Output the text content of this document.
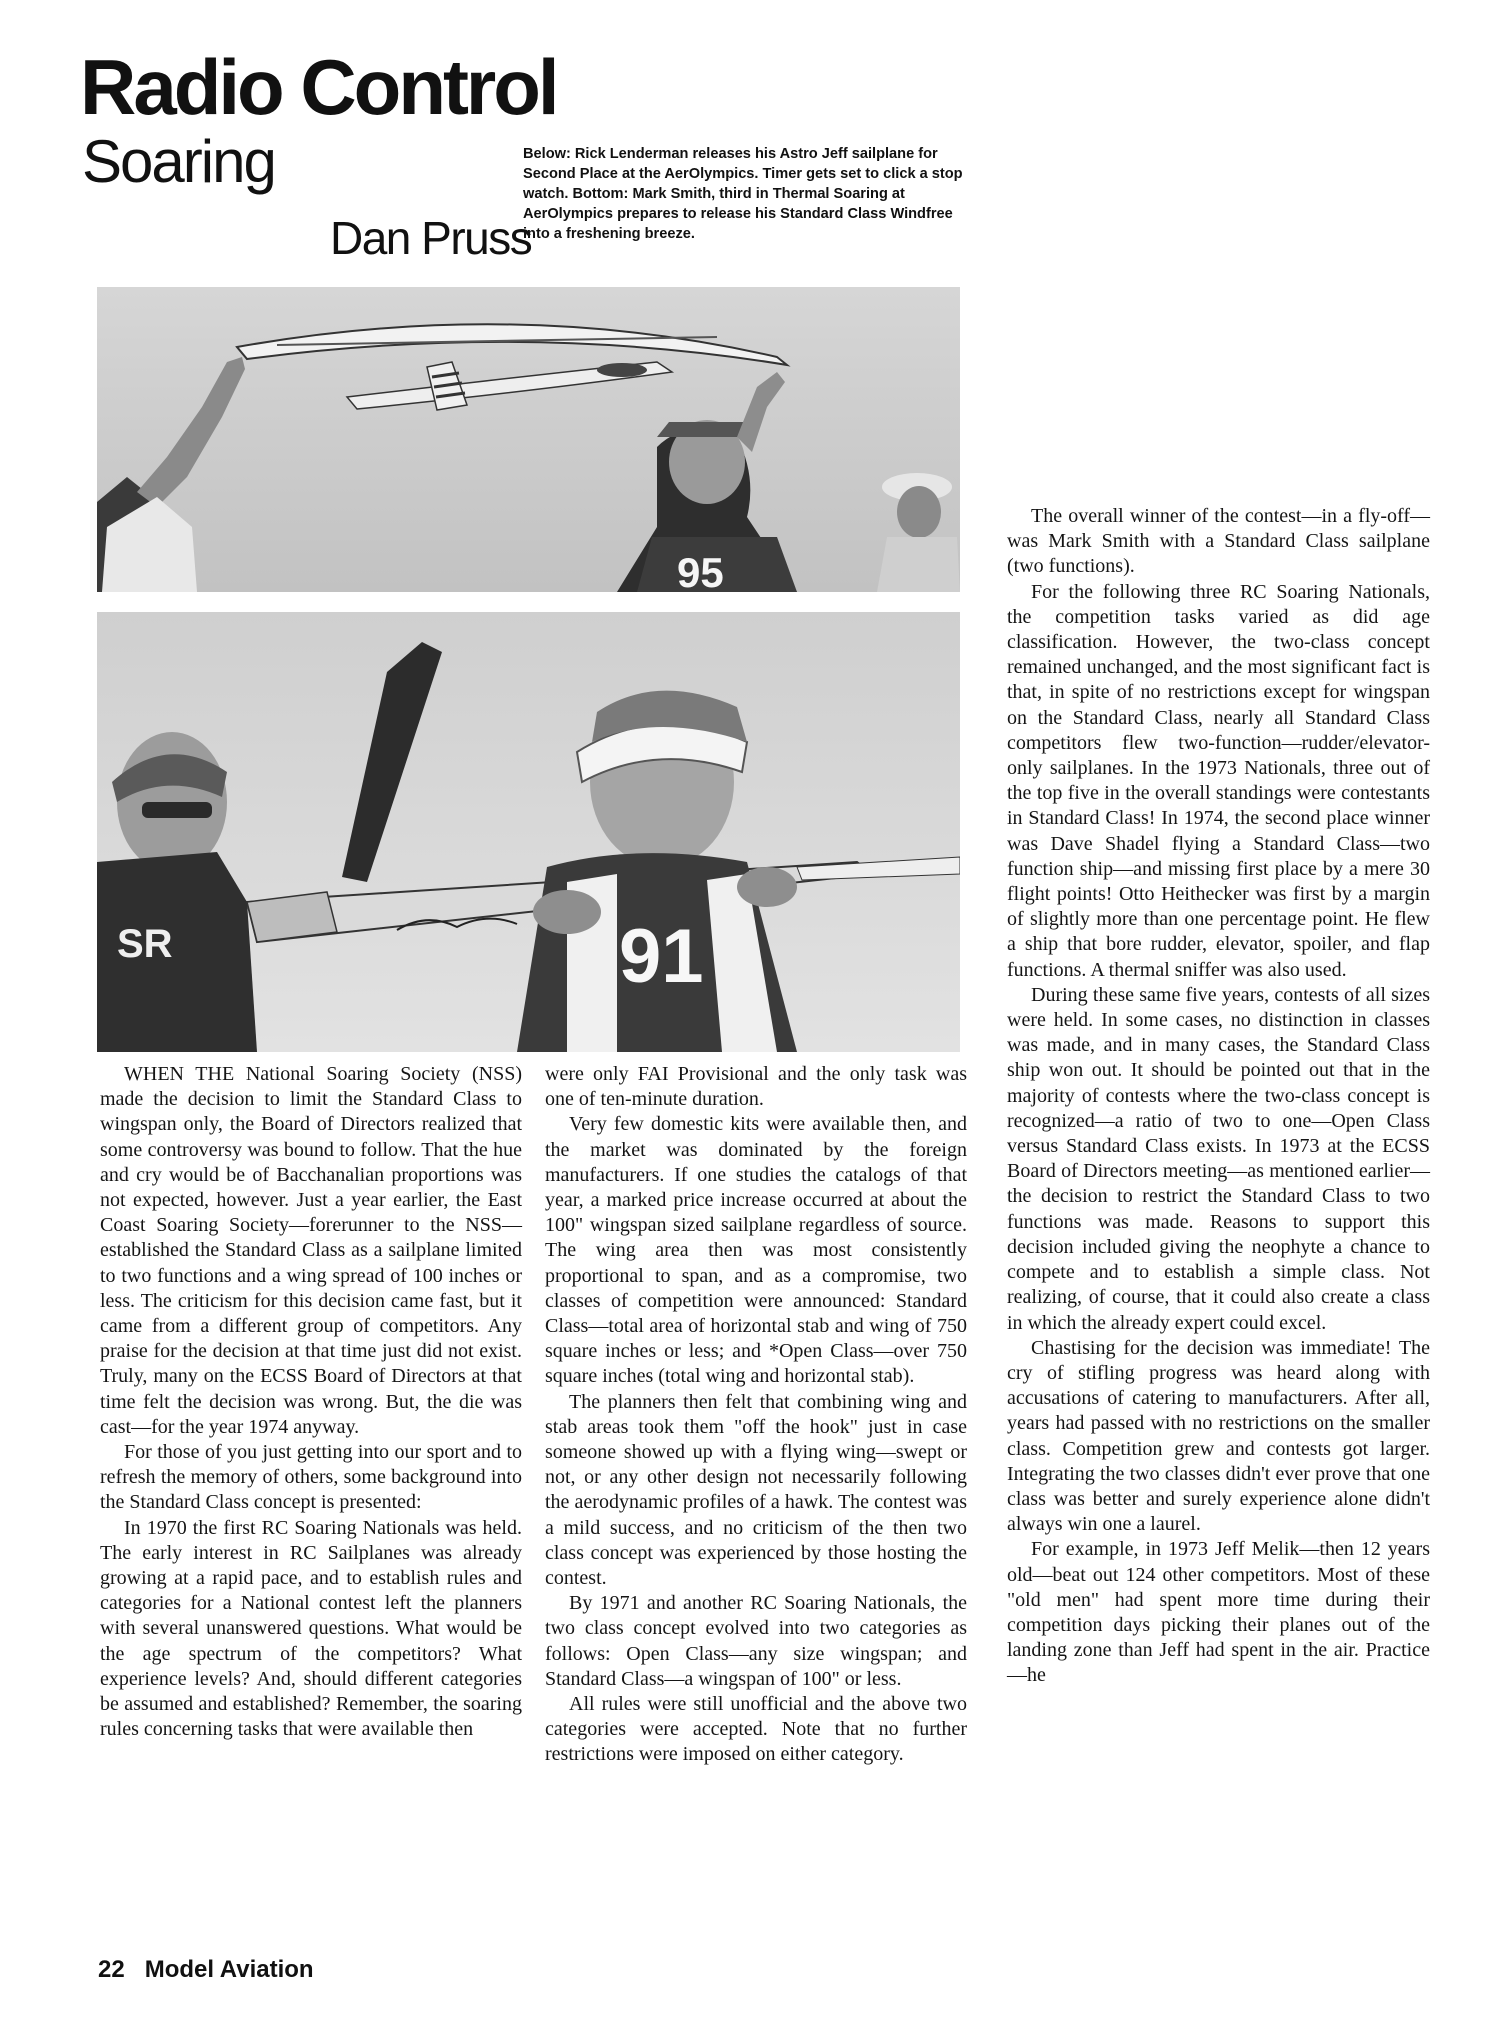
Radio Control
Soaring
Dan Pruss

Below: Rick Lenderman releases his Astro Jeff sailplane for Second Place at the AerOlympics. Timer gets set to click a stop watch. Bottom: Mark Smith, third in Thermal Soaring at AerOlympics prepares to release his Standard Class Windfree into a freshening breeze.

95
SR	91

WHEN THE National Soaring Society (NSS) made the decision to limit the Standard Class to wingspan only, the Board of Directors realized that some controversy was bound to follow. That the hue and cry would be of Bacchanalian proportions was not expected, however. Just a year earlier, the East Coast Soaring Society—forerunner to the NSS—established the Standard Class as a sailplane limited to two functions and a wing spread of 100 inches or less. The criticism for this decision came fast, but it came from a different group of competitors. Any praise for the decision at that time just did not exist. Truly, many on the ECSS Board of Directors at that time felt the decision was wrong. But, the die was cast—for the year 1974 anyway.

For those of you just getting into our sport and to refresh the memory of others, some background into the Standard Class concept is presented:

In 1970 the first RC Soaring Nationals was held. The early interest in RC Sailplanes was already growing at a rapid pace, and to establish rules and categories for a National contest left the planners with several unanswered questions. What would be the age spectrum of the competitors? What experience levels? And, should different categories be assumed and established? Remember, the soaring rules concerning tasks that were available then

were only FAI Provisional and the only task was one of ten-minute duration.

Very few domestic kits were available then, and the market was dominated by the foreign manufacturers. If one studies the catalogs of that year, a marked price increase occurred at about the 100" wingspan sized sailplane regardless of source. The wing area then was most consistently proportional to span, and as a compromise, two classes of competition were announced: Standard Class—total area of horizontal stab and wing of 750 square inches or less; and *Open Class—over 750 square inches (total wing and horizontal stab).

The planners then felt that combining wing and stab areas took them "off the hook" just in case someone showed up with a flying wing—swept or not, or any other design not necessarily following the aerodynamic profiles of a hawk. The contest was a mild success, and no criticism of the then two class concept was experienced by those hosting the contest.

By 1971 and another RC Soaring Nationals, the two class concept evolved into two categories as follows: Open Class—any size wingspan; and Standard Class—a wingspan of 100" or less.

All rules were still unofficial and the above two categories were accepted. Note that no further restrictions were imposed on either category.

The overall winner of the contest—in a fly-off—was Mark Smith with a Standard Class sailplane (two functions).

For the following three RC Soaring Nationals, the competition tasks varied as did age classification. However, the two-class concept remained unchanged, and the most significant fact is that, in spite of no restrictions except for wingspan on the Standard Class, nearly all Standard Class competitors flew two-function—rudder/elevator-only sailplanes. In the 1973 Nationals, three out of the top five in the overall standings were contestants in Standard Class! In 1974, the second place winner was Dave Shadel flying a Standard Class—two function ship—and missing first place by a mere 30 flight points! Otto Heithecker was first by a margin of slightly more than one percentage point. He flew a ship that bore rudder, elevator, spoiler, and flap functions. A thermal sniffer was also used.

During these same five years, contests of all sizes were held. In some cases, no distinction in classes was made, and in many cases, the Standard Class ship won out. It should be pointed out that in the majority of contests where the two-class concept is recognized—a ratio of two to one—Open Class versus Standard Class exists. In 1973 at the ECSS Board of Directors meeting—as mentioned earlier—the decision to restrict the Standard Class to two functions was made. Reasons to support this decision included giving the neophyte a chance to compete and to establish a simple class. Not realizing, of course, that it could also create a class in which the already expert could excel.

Chastising for the decision was immediate! The cry of stifling progress was heard along with accusations of catering to manufacturers. After all, years had passed with no restrictions on the smaller class. Competition grew and contests got larger. Integrating the two classes didn't ever prove that one class was better and surely experience alone didn't always win one a laurel.

For example, in 1973 Jeff Melik—then 12 years old—beat out 124 other competitors. Most of these "old men" had spent more time during their competition days picking their planes out of the landing zone than Jeff had spent in the air. Practice—he

22 Model Aviation
